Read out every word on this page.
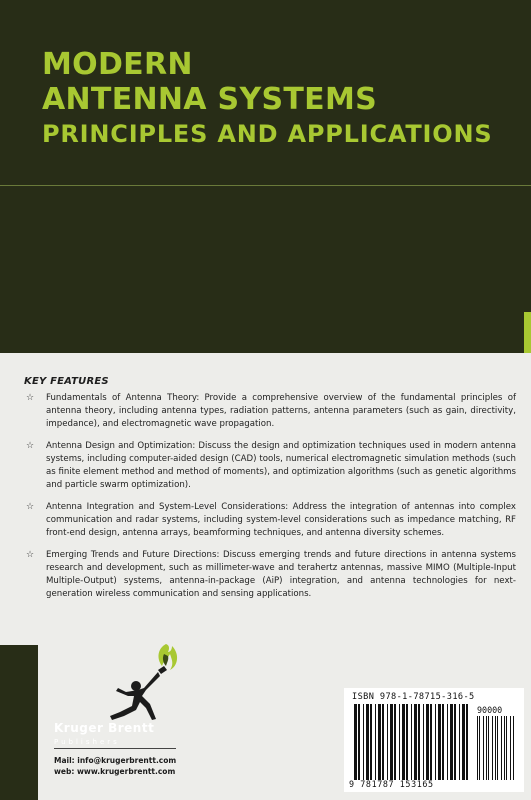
MODERN
ANTENNA SYSTEMS
PRINCIPLES AND APPLICATIONS
KEY FEATURES
☆ Fundamentals of Antenna Theory: Provide a comprehensive overview of the fundamental principles of antenna theory, including antenna types, radiation patterns, antenna parameters (such as gain, directivity, impedance), and electromagnetic wave propagation.
☆ Antenna Design and Optimization: Discuss the design and optimization techniques used in modern antenna systems, including computer-aided design (CAD) tools, numerical electromagnetic simulation methods (such as finite element method and method of moments), and optimization algorithms (such as genetic algorithms and particle swarm optimization).
☆ Antenna Integration and System-Level Considerations: Address the integration of antennas into complex communication and radar systems, including system-level considerations such as impedance matching, RF front-end design, antenna arrays, beamforming techniques, and antenna diversity schemes.
☆ Emerging Trends and Future Directions: Discuss emerging trends and future directions in antenna systems research and development, such as millimeter-wave and terahertz antennas, massive MIMO (Multiple-Input Multiple-Output) systems, antenna-in-package (AiP) integration, and antenna technologies for next-generation wireless communication and sensing applications.
Kruger Brentt
Publishers
Mail: info@krugerbrentt.com
web: www.krugerbrentt.com
ISBN 978-1-78715-316-5
90000
9 781787 153165
